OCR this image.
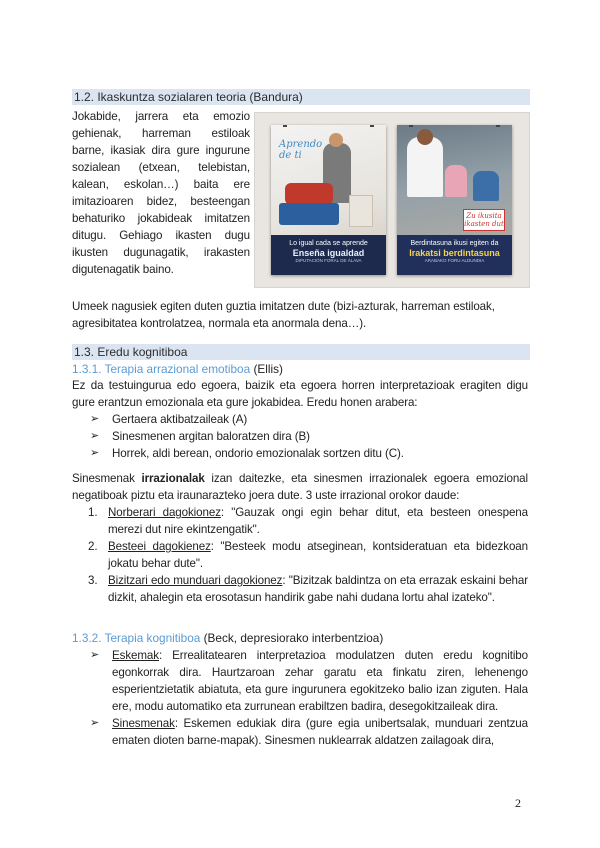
1.2. Ikaskuntza sozialaren teoria (Bandura)

Jokabide, jarrera eta emozio gehienak, harreman estiloak barne, ikasiak dira gure ingurune sozialean (etxean, telebistan, kalean, eskolan…) baita ere imitazioaren bidez, besteengan behaturiko jokabideak imitatzen ditugu. Gehiago ikasten dugu ikusten dugunagatik, irakasten digutenagatik baino.

Aprendo de ti
Lo igual cada se aprende
Enseña igualdad
DIPUTACIÓN FORAL DE ÁLAVA
Zu ikusita ikasten dut
Berdintasuna ikusi egiten da
Irakatsi berdintasuna
ARABAKO FORU ALDUNDIA

Umeek nagusiek egiten duten guztia imitatzen dute (bizi-azturak, harreman estiloak, agresibitatea kontrolatzea, normala eta anormala dena…).

1.3. Eredu kognitiboa
1.3.1. Terapia arrazional emotiboa (Ellis)

Ez da testuingurua edo egoera, baizik eta egoera horren interpretazioak eragiten digu gure erantzun emozionala eta gure jokabidea. Eredu honen arabera:

➢ Gertaera aktibatzaileak (A)
➢ Sinesmenen argitan baloratzen dira (B)
➢ Horrek, aldi berean, ondorio emozionalak sortzen ditu (C).

Sinesmenak irrazionalak izan daitezke, eta sinesmen irrazionalek egoera emozional negatiboak piztu eta iraunarazteko joera dute. 3 uste irrazional orokor daude:

1. Norberari dagokionez: "Gauzak ongi egin behar ditut, eta besteen onespena merezi dut nire ekintzengatik".
2. Besteei dagokienez: "Besteek modu atseginean, kontsideratuan eta bidezkoan jokatu behar dute".
3. Bizitzari edo munduari dagokionez: "Bizitzak baldintza on eta errazak eskaini behar dizkit, ahalegin eta erosotasun handirik gabe nahi dudana lortu ahal izateko".
1.3.2. Terapia kognitiboa (Beck, depresiorako interbentzioa)
➢ Eskemak: Errealitatearen interpretazioa modulatzen duten eredu kognitibo egonkorrak dira. Haurtzaroan zehar garatu eta finkatu ziren, lehenengo esperientzietatik abiatuta, eta gure ingurunera egokitzeko balio izan ziguten. Hala ere, modu automatiko eta zurrunean erabiltzen badira, desegokitzaileak dira.
➢ Sinesmenak: Eskemen edukiak dira (gure egia unibertsalak, munduari zentzua ematen dioten barne-mapak). Sinesmen nuklearrak aldatzen zailagoak dira,
2
